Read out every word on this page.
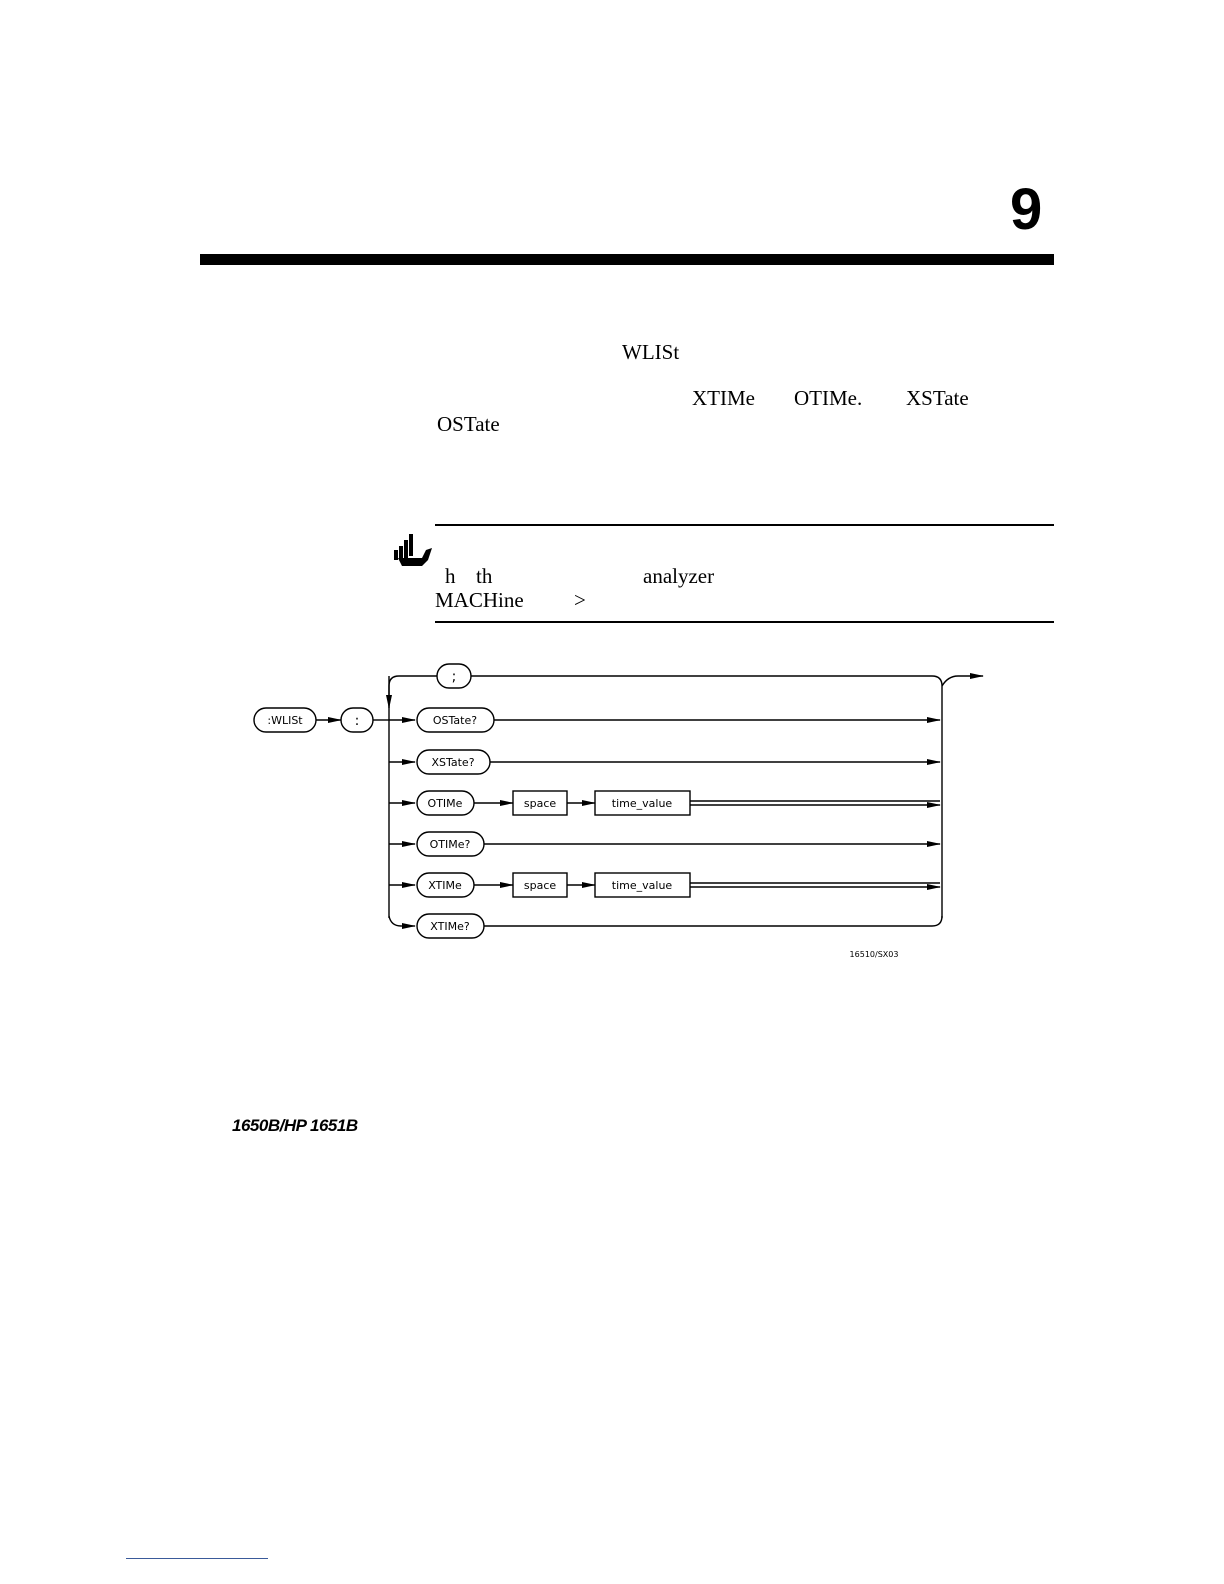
9
WLISt
XTIMe OTIMe. XSTate
OSTate
h th	analyzer
MACHine >
:WLISt	:
;
OSTate?
XSTate?
OTIMe
OTIMe?
XTIMe
XTIMe?
space	time_value
space	time_value
16510/SX03
1650B/HP 1651B
